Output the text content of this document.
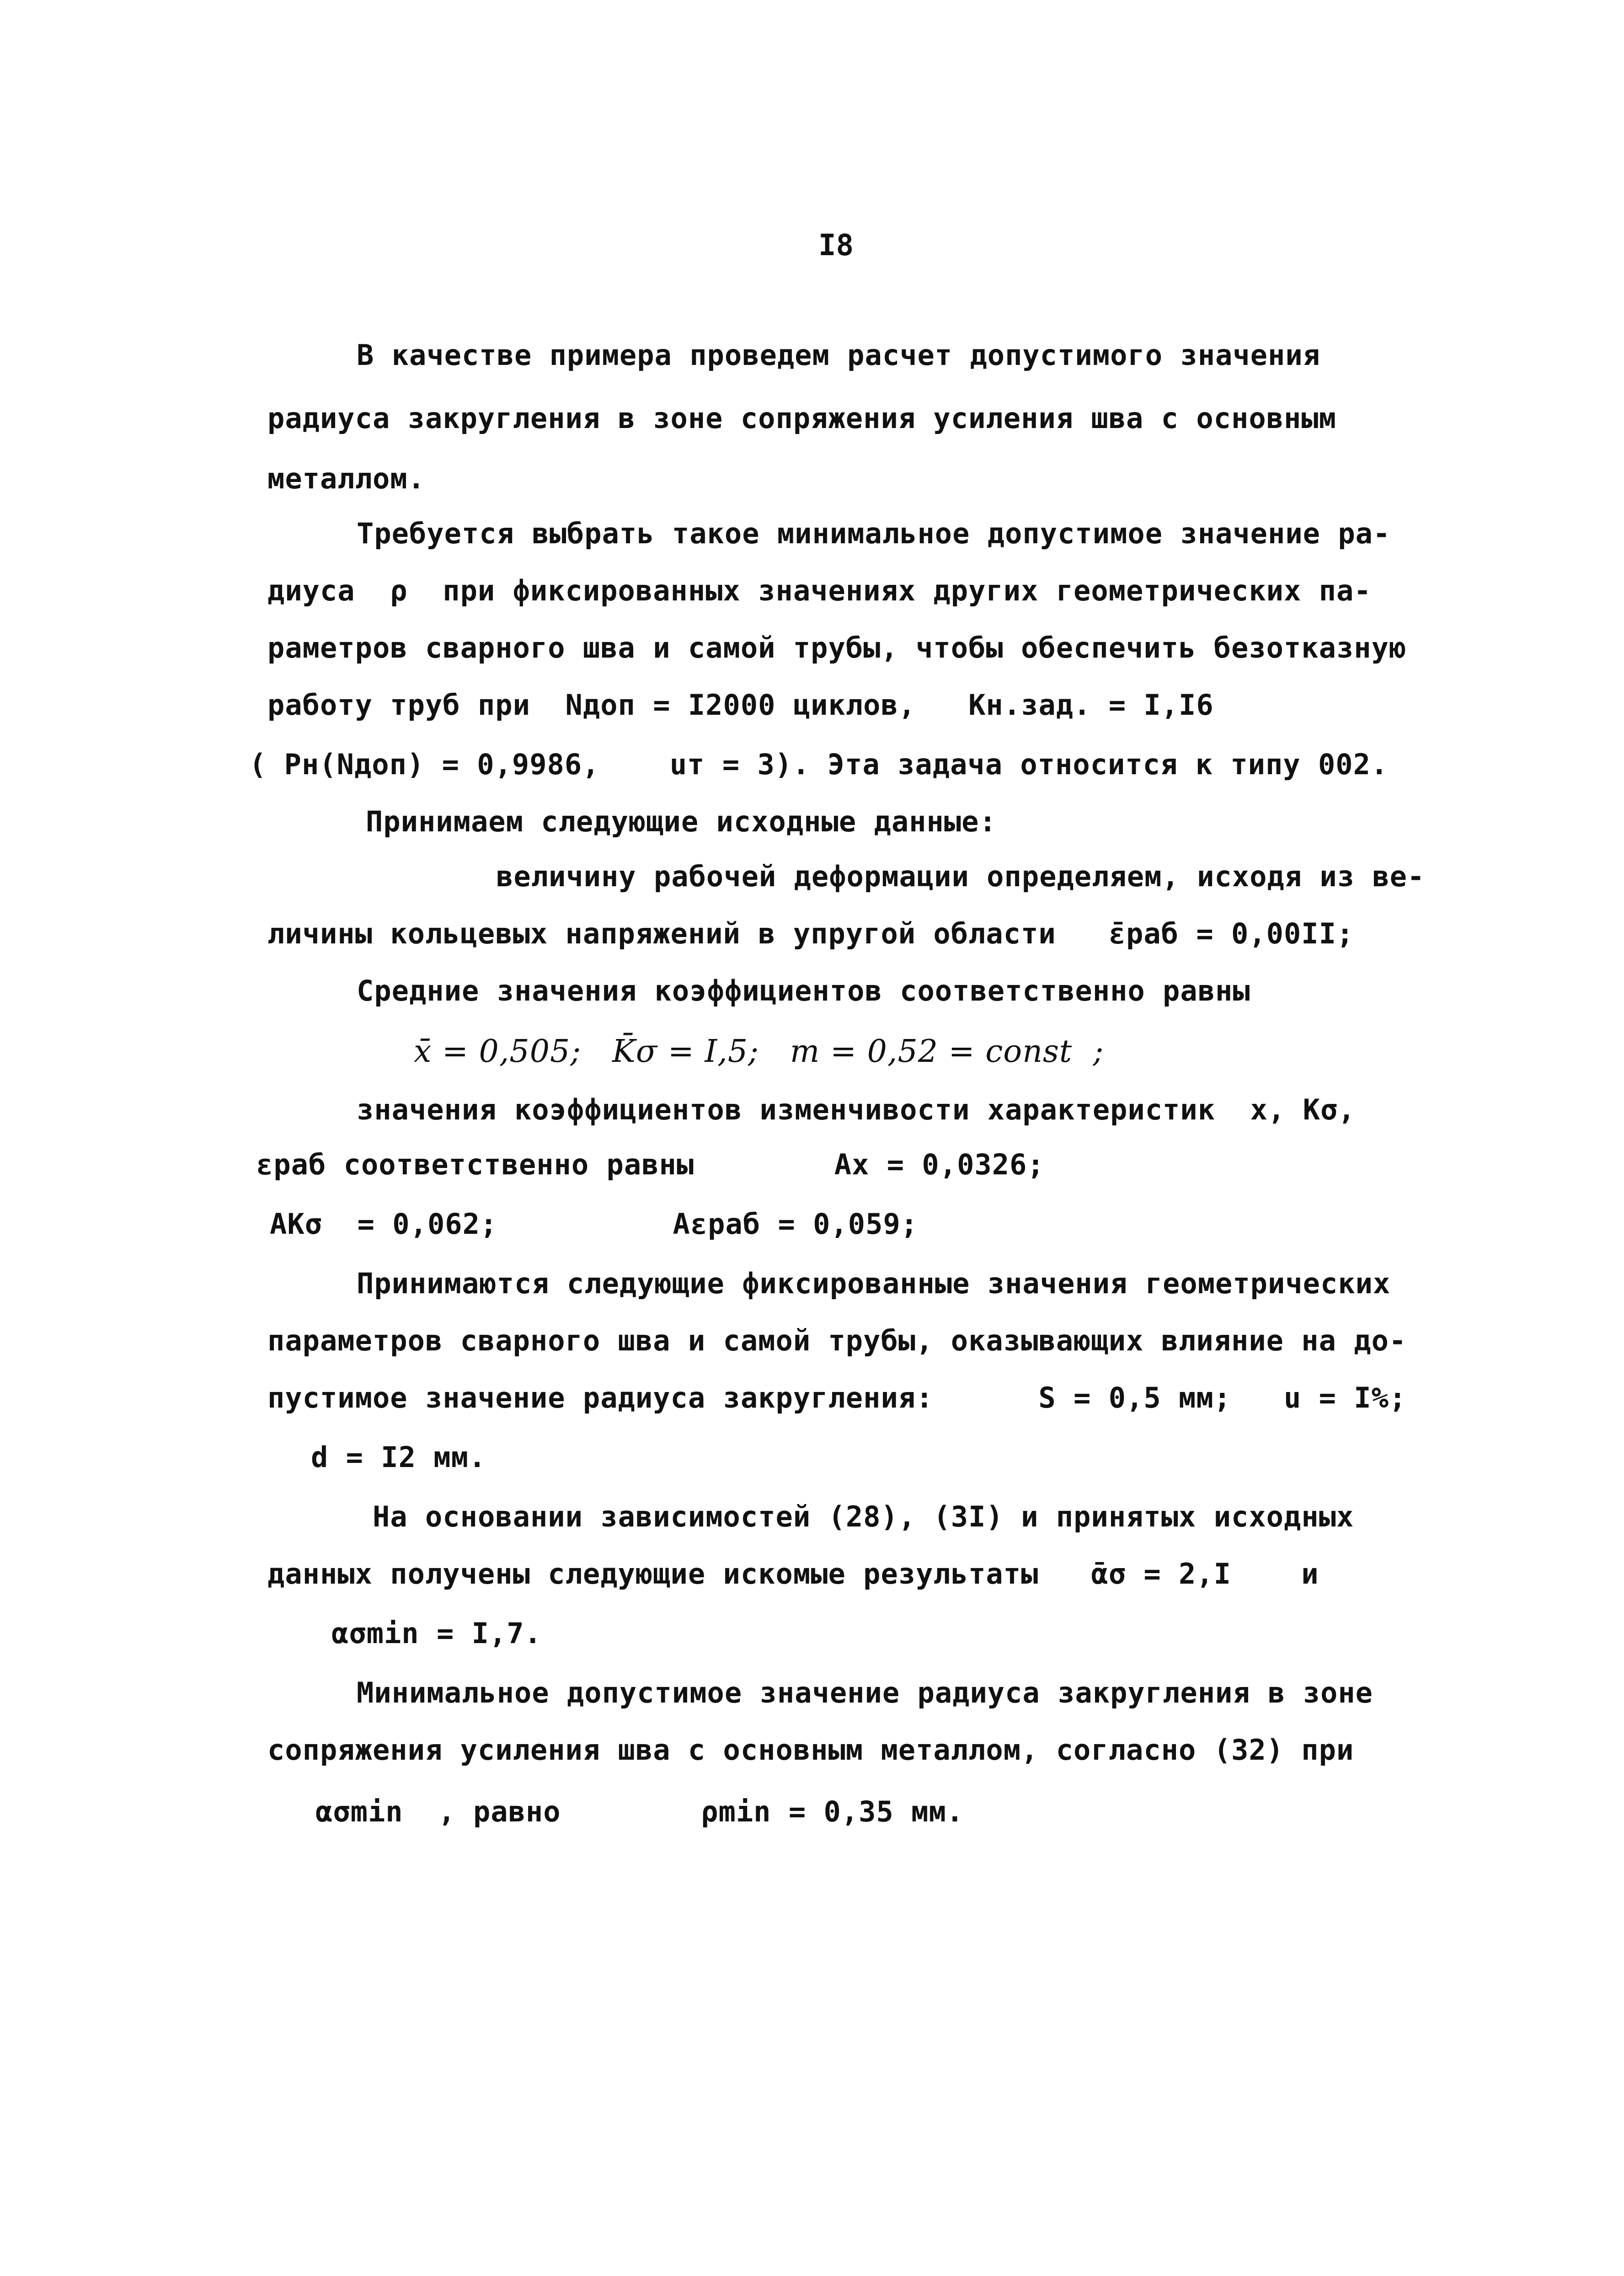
I8
В качестве примера проведем расчет допустимого значения
радиуса закругления в зоне сопряжения усиления шва с основным
металлом.
Требуется выбрать такое минимальное допустимое значение ра-
диуса  ρ  при фиксированных значениях других геометрических па-
раметров сварного шва и самой трубы, чтобы обеспечить безотказную
работу труб при  Nдоп = I2000 циклов,   Kн.зад. = I,I6
( Pн(Nдоп) = 0,9986,    uт = 3). Эта задача относится к типу 002.
Принимаем следующие исходные данные:
величину рабочей деформации определяем, исходя из ве-
личины кольцевых напряжений в упругой области   ε̄раб = 0,00II;
Средние значения коэффициентов соответственно равны
x̄ = 0,505;   K̄σ = I,5;   m = 0,52 = const  ;
значения коэффициентов изменчивости характеристик  x, Kσ,
εраб соответственно равны        Ax = 0,0326;
AKσ  = 0,062;          Aεраб = 0,059;
Принимаются следующие фиксированные значения геометрических
параметров сварного шва и самой трубы, оказывающих влияние на до-
пустимое значение радиуса закругления:      S = 0,5 мм;   u = I%;
d = I2 мм.
На основании зависимостей (28), (3I) и принятых исходных
данных получены следующие искомые результаты   ᾱσ = 2,I    и
ασmin = I,7.
Минимальное допустимое значение радиуса закругления в зоне
сопряжения усиления шва с основным металлом, согласно (32) при
ασmin  , равно        ρmin = 0,35 мм.
